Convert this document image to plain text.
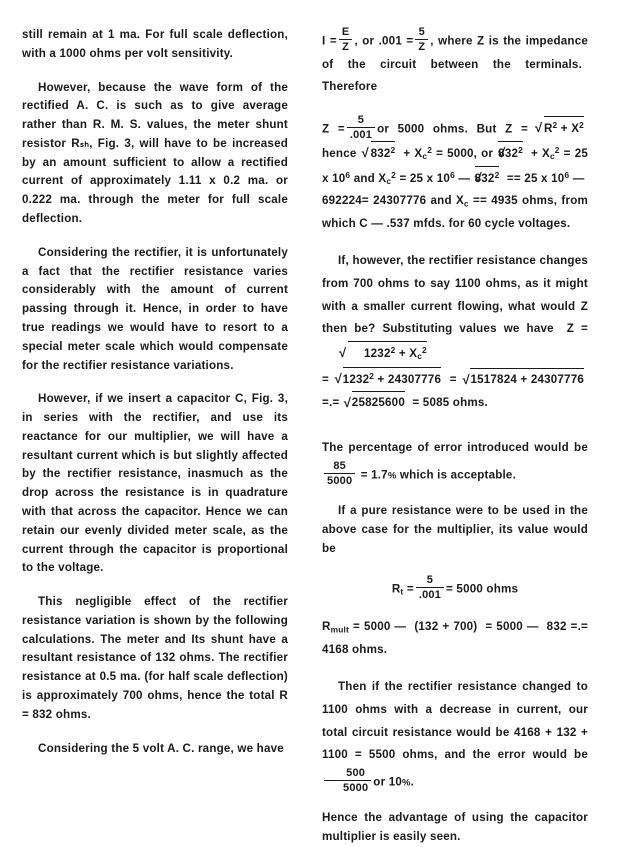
still remain at 1 ma. For full scale deflection, with a 1000 ohms per volt sensitivity.

However, because the wave form of the rectified A. C. is such as to give average rather than R. M. S. values, the meter shunt resistor Rₛₕ, Fig. 3, will have to be increased by an amount sufficient to allow a rectified current of approximately 1.11 x 0.2 ma. or 0.222 ma. through the meter for full scale deflection.

Considering the rectifier, it is unfortunately a fact that the rectifier resistance varies considerably with the amount of current passing through it. Hence, in order to have true readings we would have to resort to a special meter scale which would compensate for the rectifier resistance variations.

However, if we insert a capacitor C, Fig. 3, in series with the rectifier, and use its reactance for our multiplier, we will have a resultant current which is but slightly affected by the rectifier resistance, inasmuch as the drop across the resistance is in quadrature with that across the capacitor. Hence we can retain our evenly divided meter scale, as the current through the capacitor is proportional to the voltage.

This negligible effect of the rectifier resistance variation is shown by the following calculations. The meter and Its shunt have a resultant resistance of 132 ohms. The rectifier resistance at 0.5 ma. (for half scale deflection) is approximately 700 ohms, hence the total R = 832 ohms.

Considering the 5 volt A. C. range, we have

$I = \frac{E}{Z}$ , or $.001 = \frac{5}{Z}$ , where Z is the impedance of the circuit between the terminals. Therefore
$Z = \frac{5}{.001}$ or 5000 ohms. But Z = √ $R^2 + X^2$ hence √ $832^2 + X_c^2 = 5000$, or √ $832^2 + X_c^2 = 25$ x $10^6$ and $X_c^2 = 25$ x $10^6$ — √ $832^2 == 25$ x $10^6$ —  692224= 24307776 and $X_c == 4935$ ohms, from which C — .537 mfds. for 60 cycle voltages.
If, however, the rectifier resistance changes from 700 ohms to say 1100 ohms, as it might with a smaller current flowing, what would Z then be? Substituting values we have Z = √ $1232^2 + X_c^2$
= √ $1232^2 + 24307776$ = √ 1517824 + 24307776 =.= √ 25825600 = 5085 ohms.
The percentage of error introduced would be
$\frac{85}{5000} = 1.7\%$ which is acceptable.

If a pure resistance were to be used in the above case for the multiplier, its value would be

$R_t = \frac{5}{.001} = 5000$ ohms
$R_{mult} = 5000$ —  (132 + 700)  = 5000 —  832 =.= 4168 ohms.
Then if the rectifier resistance changed to 1100 ohms with a decrease in current, our total circuit resistance would be 4168 + 132 + 1100 = 5500 ohms, and the error would be
$\frac{500}{5000}$ or 10%.

Hence the advantage of using the capacitor multiplier is easily seen.
